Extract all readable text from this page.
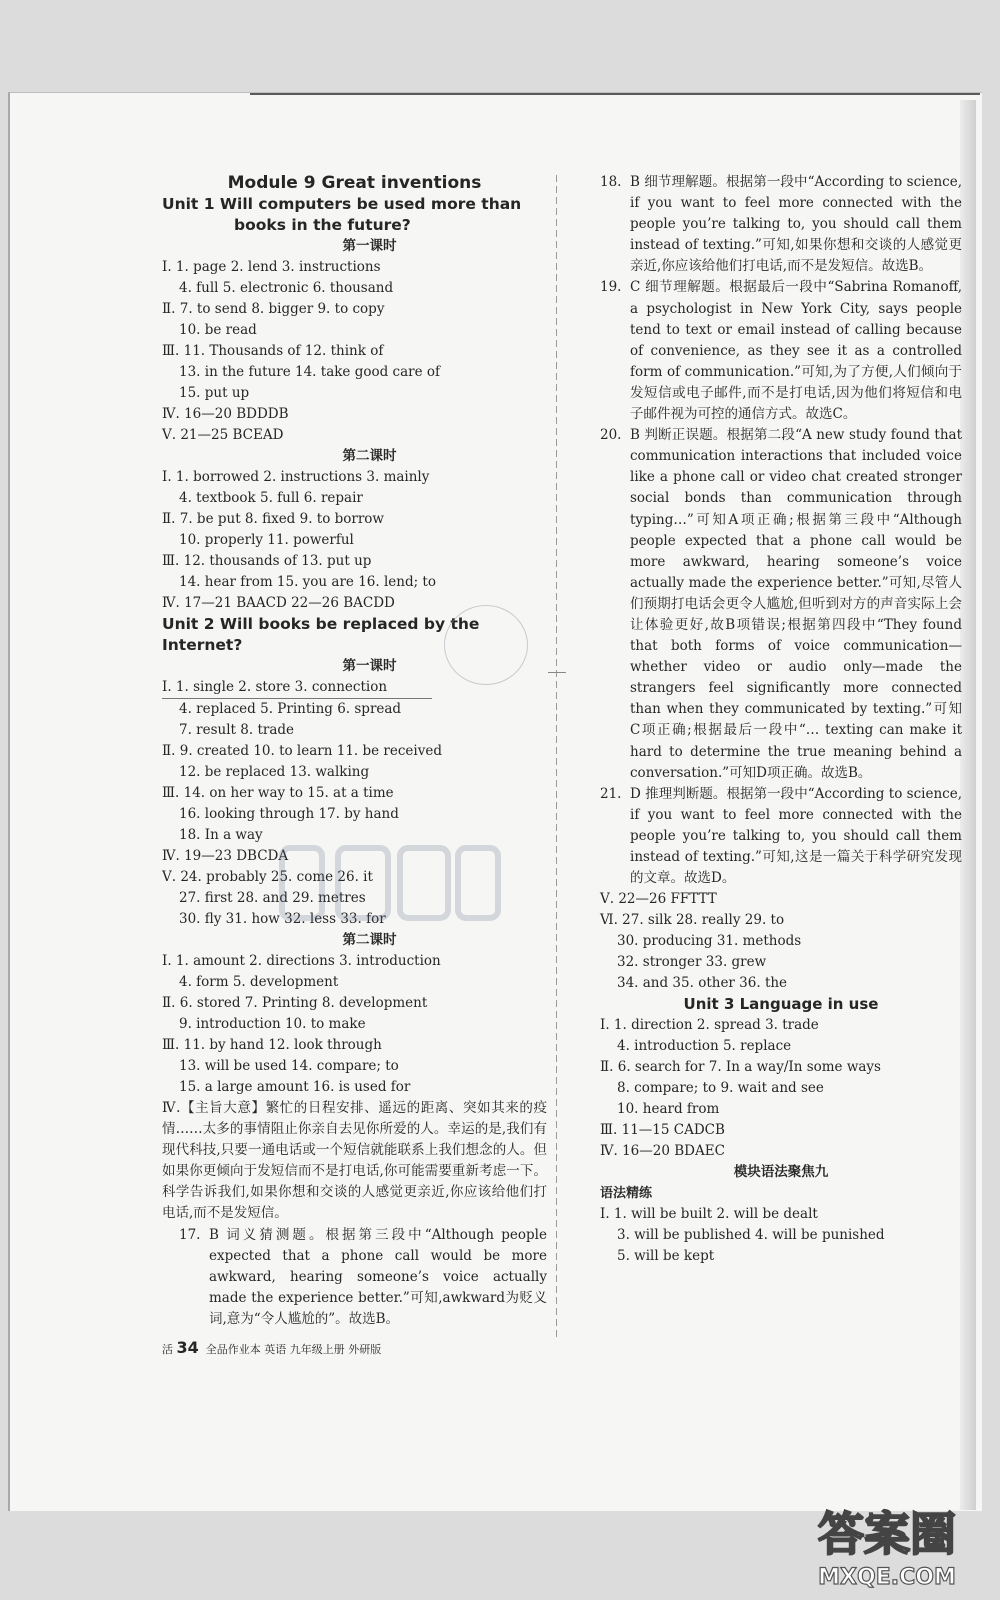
Module 9 Great inventions
Unit 1 Will computers be used more than
books in the future?
第一课时
Ⅰ. 1. page 2. lend 3. instructions
4. full 5. electronic 6. thousand
Ⅱ. 7. to send 8. bigger 9. to copy
10. be read
Ⅲ. 11. Thousands of 12. think of
13. in the future 14. take good care of
15. put up
Ⅳ. 16—20 BDDDB
Ⅴ. 21—25 BCEAD
第二课时
Ⅰ. 1. borrowed 2. instructions 3. mainly
4. textbook 5. full 6. repair
Ⅱ. 7. be put 8. fixed 9. to borrow
10. properly 11. powerful
Ⅲ. 12. thousands of 13. put up
14. hear from 15. you are 16. lend; to
Ⅳ. 17—21 BAACD 22—26 BACDD
Unit 2 Will books be replaced by the Internet?
第一课时
Ⅰ. 1. single 2. store 3. connection
4. replaced 5. Printing 6. spread
7. result 8. trade
Ⅱ. 9. created 10. to learn 11. be received
12. be replaced 13. walking
Ⅲ. 14. on her way to 15. at a time
16. looking through 17. by hand
18. In a way
Ⅳ. 19—23 DBCDA
Ⅴ. 24. probably 25. come 26. it
27. first 28. and 29. metres
30. fly 31. how 32. less 33. for
第二课时
Ⅰ. 1. amount 2. directions 3. introduction
4. form 5. development
Ⅱ. 6. stored 7. Printing 8. development
9. introduction 10. to make
Ⅲ. 11. by hand 12. look through
13. will be used 14. compare; to
15. a large amount 16. is used for
Ⅳ.【主旨大意】繁忙的日程安排、遥远的距离、突如其来的疫情……太多的事情阻止你亲自去见你所爱的人。幸运的是,我们有现代科技,只要一通电话或一个短信就能联系上我们想念的人。但如果你更倾向于发短信而不是打电话,你可能需要重新考虑一下。科学告诉我们,如果你想和交谈的人感觉更亲近,你应该给他们打电话,而不是发短信。
17. B 词义猜测题。根据第三段中“Although people expected that a phone call would be more awkward, hearing someone’s voice actually made the experience better.”可知,awkward为贬义词,意为“令人尴尬的”。故选B。
18. B 细节理解题。根据第一段中“According to science, if you want to feel more connected with the people you’re talking to, you should call them instead of texting.”可知,如果你想和交谈的人感觉更亲近,你应该给他们打电话,而不是发短信。故选B。
19. C 细节理解题。根据最后一段中“Sabrina Romanoff, a psychologist in New York City, says people tend to text or email instead of calling because of convenience, as they see it as a controlled form of communication.”可知,为了方便,人们倾向于发短信或电子邮件,而不是打电话,因为他们将短信和电子邮件视为可控的通信方式。故选C。
20. B 判断正误题。根据第二段“A new study found that communication interactions that included voice like a phone call or video chat created stronger social bonds than communication through typing…”可知A项正确;根据第三段中“Although people expected that a phone call would be more awkward, hearing someone’s voice actually made the experience better.”可知,尽管人们预期打电话会更令人尴尬,但听到对方的声音实际上会让体验更好,故B项错误;根据第四段中“They found that both forms of voice communication—whether video or audio only—made the strangers feel significantly more connected than when they communicated by texting.”可知C项正确;根据最后一段中“… texting can make it hard to determine the true meaning behind a conversation.”可知D项正确。故选B。
21. D 推理判断题。根据第一段中“According to science, if you want to feel more connected with the people you’re talking to, you should call them instead of texting.”可知,这是一篇关于科学研究发现的文章。故选D。
Ⅴ. 22—26 FFTTT
Ⅵ. 27. silk 28. really 29. to
30. producing 31. methods
32. stronger 33. grew
34. and 35. other 36. the
Unit 3 Language in use
Ⅰ. 1. direction 2. spread 3. trade
4. introduction 5. replace
Ⅱ. 6. search for 7. In a way/In some ways
8. compare; to 9. wait and see
10. heard from
Ⅲ. 11—15 CADCB
Ⅳ. 16—20 BDAEC
模块语法聚焦九
语法精练
Ⅰ. 1. will be built 2. will be dealt
3. will be published 4. will be punished
5. will be kept
活 34 全品作业本 英语 九年级上册 外研版
答案圈
MXQE.COM
